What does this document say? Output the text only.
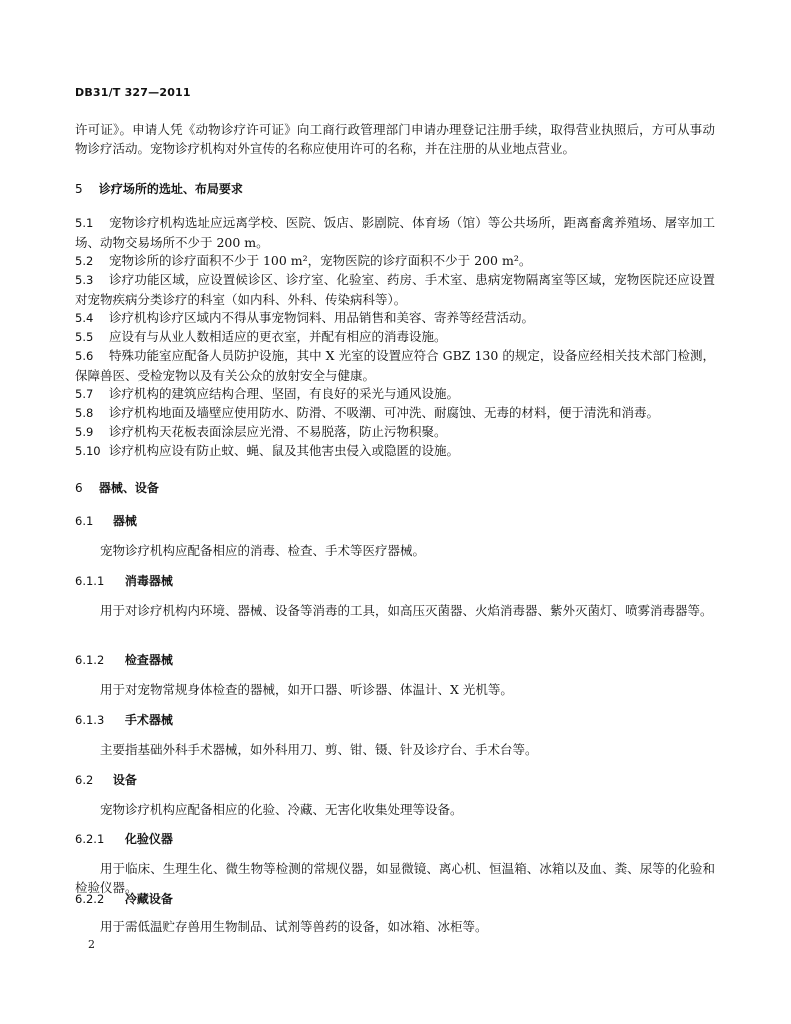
DB31/T 327—2011
许可证》。申请人凭《动物诊疗许可证》向工商行政管理部门申请办理登记注册手续，取得营业执照后，方可从事动物诊疗活动。宠物诊疗机构对外宣传的名称应使用许可的名称，并在注册的从业地点营业。
5 诊疗场所的选址、布局要求
5.1 宠物诊疗机构选址应远离学校、医院、饭店、影剧院、体育场（馆）等公共场所，距离畜禽养殖场、屠宰加工场、动物交易场所不少于 200 m。
5.2 宠物诊所的诊疗面积不少于 100 m²，宠物医院的诊疗面积不少于 200 m²。
5.3 诊疗功能区域，应设置候诊区、诊疗室、化验室、药房、手术室、患病宠物隔离室等区域，宠物医院还应设置对宠物疾病分类诊疗的科室（如内科、外科、传染病科等）。
5.4 诊疗机构诊疗区域内不得从事宠物饲料、用品销售和美容、寄养等经营活动。
5.5 应设有与从业人数相适应的更衣室，并配有相应的消毒设施。
5.6 特殊功能室应配备人员防护设施，其中 X 光室的设置应符合 GBZ 130 的规定，设备应经相关技术部门检测，保障兽医、受检宠物以及有关公众的放射安全与健康。
5.7 诊疗机构的建筑应结构合理、坚固，有良好的采光与通风设施。
5.8 诊疗机构地面及墙壁应使用防水、防滑、不吸潮、可冲洗、耐腐蚀、无毒的材料，便于清洗和消毒。
5.9 诊疗机构天花板表面涂层应光滑、不易脱落，防止污物积聚。
5.10 诊疗机构应设有防止蚊、蝇、鼠及其他害虫侵入或隐匿的设施。
6 器械、设备
6.1 器械
宠物诊疗机构应配备相应的消毒、检查、手术等医疗器械。
6.1.1 消毒器械
用于对诊疗机构内环境、器械、设备等消毒的工具，如高压灭菌器、火焰消毒器、紫外灭菌灯、喷雾消毒器等。
6.1.2 检查器械
用于对宠物常规身体检查的器械，如开口器、听诊器、体温计、X 光机等。
6.1.3 手术器械
主要指基础外科手术器械，如外科用刀、剪、钳、镊、针及诊疗台、手术台等。
6.2 设备
宠物诊疗机构应配备相应的化验、冷藏、无害化收集处理等设备。
6.2.1 化验仪器
用于临床、生理生化、微生物等检测的常规仪器，如显微镜、离心机、恒温箱、冰箱以及血、粪、尿等的化验和检验仪器。
6.2.2 冷藏设备
用于需低温贮存兽用生物制品、试剂等兽药的设备，如冰箱、冰柜等。
2
